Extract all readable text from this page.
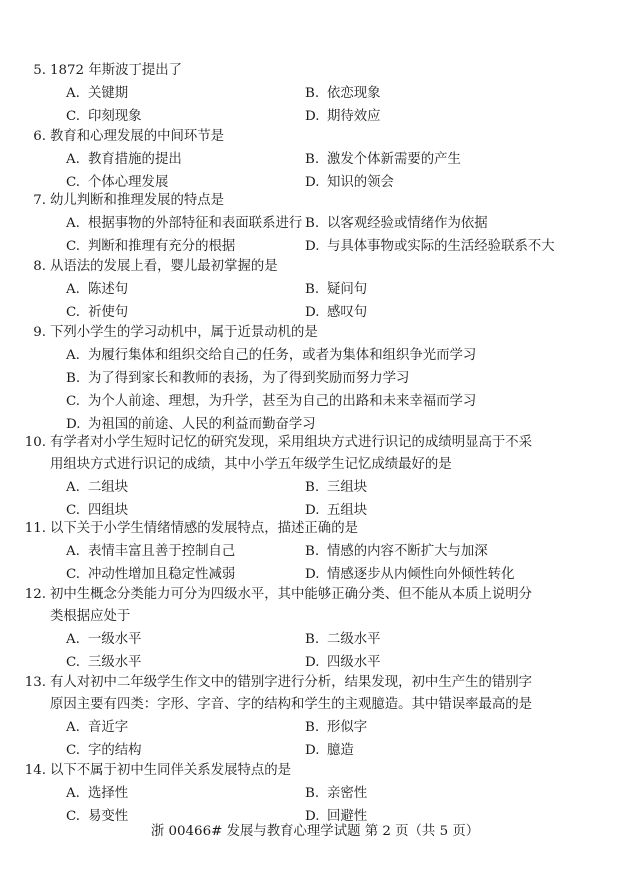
5. 1872 年斯波丁提出了
A. 关键期	B. 依恋现象
C. 印刻现象	D. 期待效应
6. 教育和心理发展的中间环节是
A. 教育措施的提出	B. 激发个体新需要的产生
C. 个体心理发展	D. 知识的领会
7. 幼儿判断和推理发展的特点是
A. 根据事物的外部特征和表面联系进行 B. 以客观经验或情绪作为依据
C. 判断和推理有充分的根据	D. 与具体事物或实际的生活经验联系不大
8. 从语法的发展上看，婴儿最初掌握的是
A. 陈述句	B. 疑问句
C. 祈使句	D. 感叹句
9. 下列小学生的学习动机中，属于近景动机的是
A. 为履行集体和组织交给自己的任务，或者为集体和组织争光而学习
B. 为了得到家长和教师的表扬，为了得到奖励而努力学习
C. 为个人前途、理想，为升学，甚至为自己的出路和未来幸福而学习
D. 为祖国的前途、人民的利益而勤奋学习
10. 有学者对小学生短时记忆的研究发现，采用组块方式进行识记的成绩明显高于不采
用组块方式进行识记的成绩，其中小学五年级学生记忆成绩最好的是
A. 二组块	B. 三组块
C. 四组块	D. 五组块
11. 以下关于小学生情绪情感的发展特点，描述正确的是
A. 表情丰富且善于控制自己	B. 情感的内容不断扩大与加深
C. 冲动性增加且稳定性减弱	D. 情感逐步从内倾性向外倾性转化
12. 初中生概念分类能力可分为四级水平，其中能够正确分类、但不能从本质上说明分
类根据应处于
A. 一级水平	B. 二级水平
C. 三级水平	D. 四级水平
13. 有人对初中二年级学生作文中的错别字进行分析，结果发现，初中生产生的错别字
原因主要有四类：字形、字音、字的结构和学生的主观臆造。其中错误率最高的是
A. 音近字	B. 形似字
C. 字的结构	D. 臆造
14. 以下不属于初中生同伴关系发展特点的是
A. 选择性	B. 亲密性
C. 易变性	D. 回避性
浙 00466# 发展与教育心理学试题 第 2 页（共 5 页）
